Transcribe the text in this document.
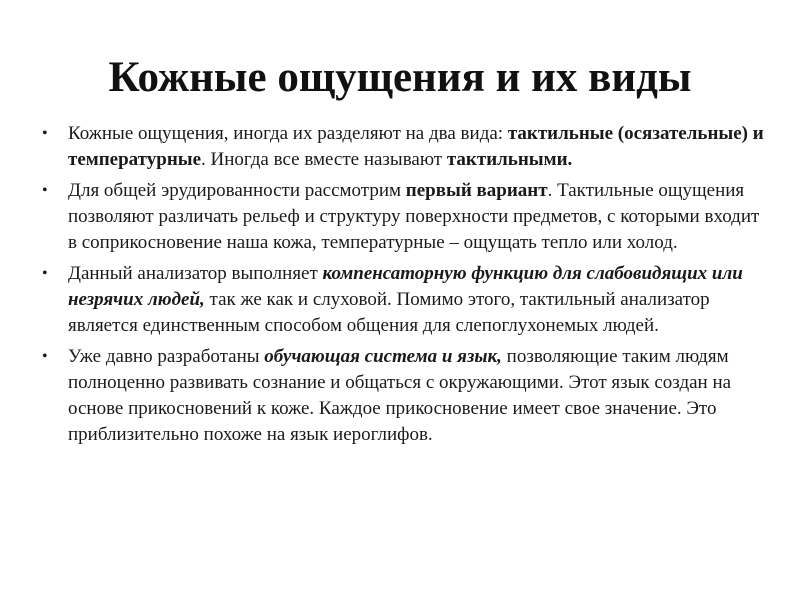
Кожные ощущения и их виды
• Кожные ощущения, иногда их разделяют на два вида: тактильные (осязательные) и температурные. Иногда все вместе называют тактильными.
• Для общей эрудированности рассмотрим первый вариант. Тактильные ощущения позволяют различать рельеф и структуру поверхности предметов, с которыми входит в соприкосновение наша кожа, температурные – ощущать тепло или холод.
• Данный анализатор выполняет компенсаторную функцию для слабовидящих или незрячих людей, так же как и слуховой. Помимо этого, тактильный анализатор является единственным способом общения для слепоглухонемых людей.
• Уже давно разработаны обучающая система и язык, позволяющие таким людям полноценно развивать сознание и общаться с окружающими. Этот язык создан на основе прикосновений к коже. Каждое прикосновение имеет свое значение. Это приблизительно похоже на язык иероглифов.
